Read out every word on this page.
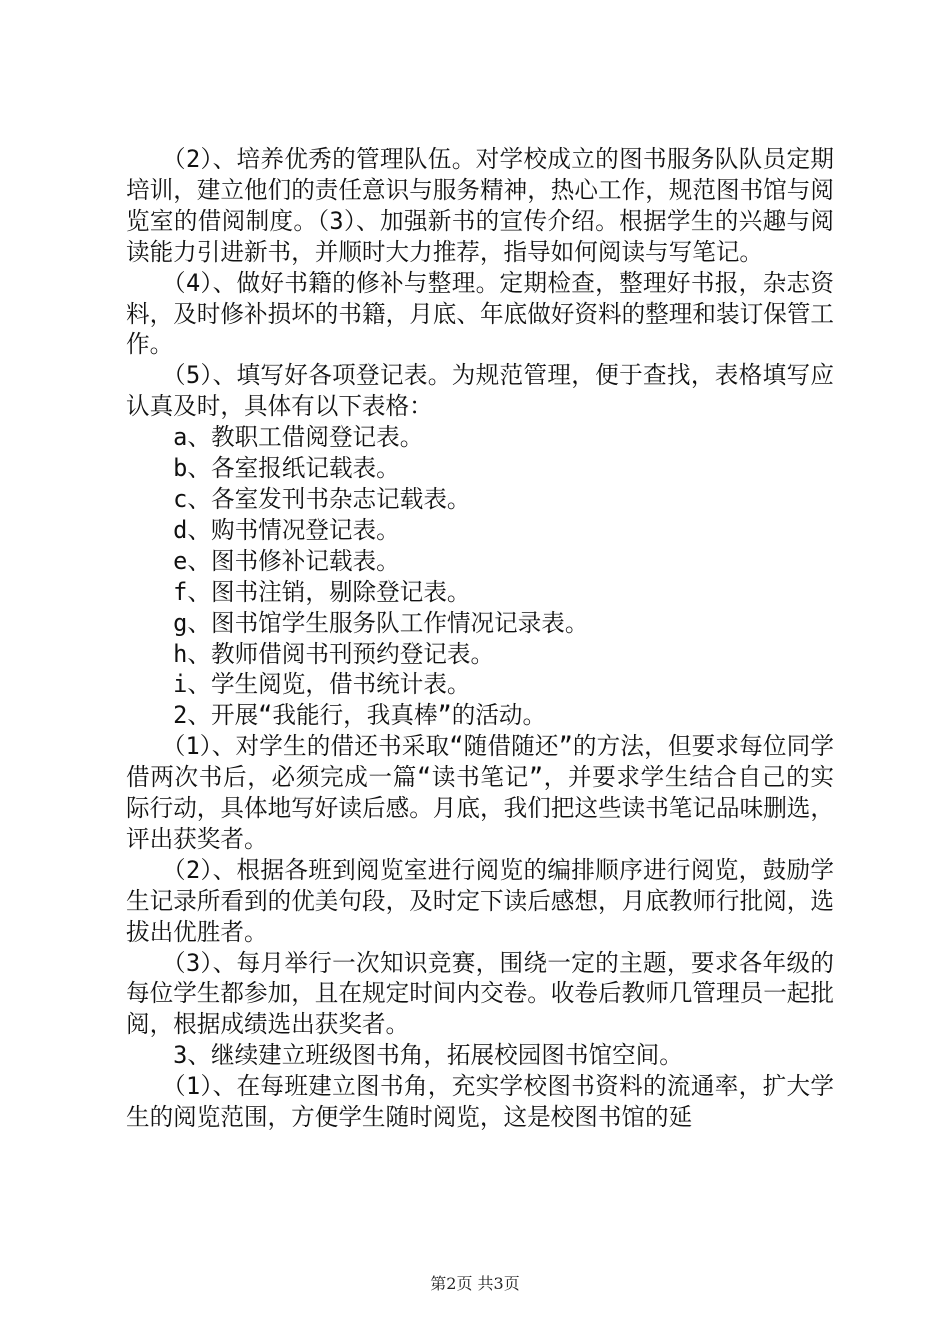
　　（2）、培养优秀的管理队伍。对学校成立的图书服务队队员定期培训，建立他们的责任意识与服务精神，热心工作，规范图书馆与阅览室的借阅制度。（3）、加强新书的宣传介绍。根据学生的兴趣与阅读能力引进新书，并顺时大力推荐，指导如何阅读与写笔记。

　　（4）、做好书籍的修补与整理。定期检查，整理好书报，杂志资料，及时修补损坏的书籍，月底、年底做好资料的整理和装订保管工作。

　　（5）、填写好各项登记表。为规范管理，便于查找，表格填写应认真及时，具体有以下表格：

　　a、教职工借阅登记表。

　　b、各室报纸记载表。

　　c、各室发刊书杂志记载表。

　　d、购书情况登记表。

　　e、图书修补记载表。

　　f、图书注销，剔除登记表。

　　g、图书馆学生服务队工作情况记录表。

　　h、教师借阅书刊预约登记表。

　　i、学生阅览，借书统计表。

　　2、开展“我能行，我真棒”的活动。

　　（1）、对学生的借还书采取“随借随还”的方法，但要求每位同学借两次书后，必须完成一篇“读书笔记”，并要求学生结合自己的实际行动，具体地写好读后感。月底，我们把这些读书笔记品味删选，评出获奖者。

　　（2）、根据各班到阅览室进行阅览的编排顺序进行阅览，鼓励学生记录所看到的优美句段，及时定下读后感想，月底教师行批阅，选拔出优胜者。

　　（3）、每月举行一次知识竞赛，围绕一定的主题，要求各年级的每位学生都参加，且在规定时间内交卷。收卷后教师几管理员一起批阅，根据成绩选出获奖者。

　　3、继续建立班级图书角，拓展校园图书馆空间。

　　（1）、在每班建立图书角，充实学校图书资料的流通率，扩大学生的阅览范围，方便学生随时阅览，这是校图书馆的延

第2页 共3页
